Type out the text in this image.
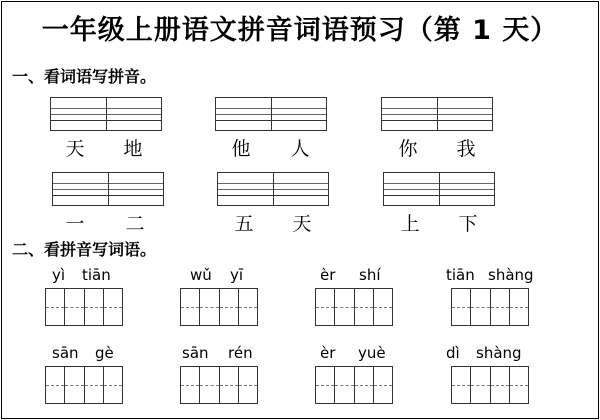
一年级上册语文拼音词语预习（第 1 天）
一、看词语写拼音。
天 地	他 人	你 我
一 二	五 天	上 下
二、看拼音写词语。
yì tiān	wǔ yī	èr shí	tiān shàng
sān gè	sān rén	èr yuè	dì shàng
